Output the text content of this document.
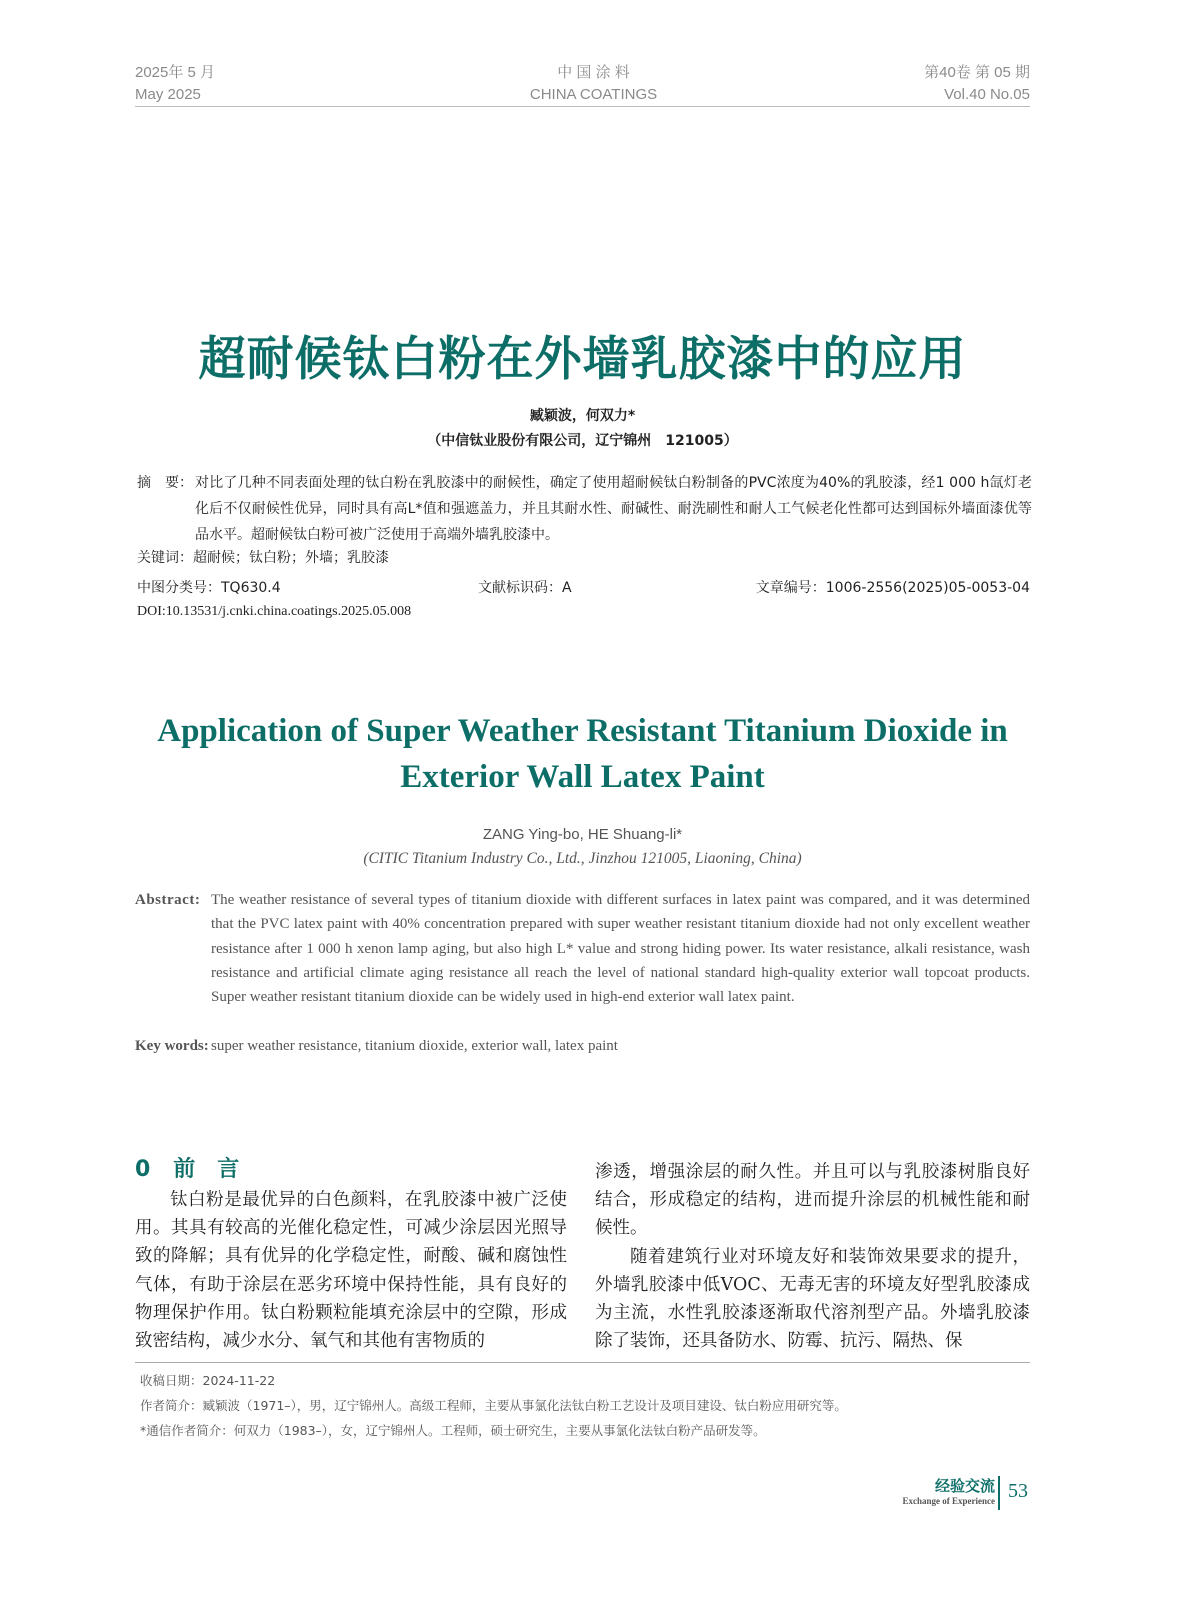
2025年 5 月
May 2025
中 国 涂 料
CHINA COATINGS
第40卷 第 05 期
Vol.40 No.05
超耐候钛白粉在外墙乳胶漆中的应用
臧颖波，何双力*
（中信钛业股份有限公司，辽宁锦州　121005）
摘　要： 对比了几种不同表面处理的钛白粉在乳胶漆中的耐候性，确定了使用超耐候钛白粉制备的PVC浓度为40%的乳胶漆，经1 000 h氙灯老化后不仅耐候性优异，同时具有高L*值和强遮盖力，并且其耐水性、耐碱性、耐洗刷性和耐人工气候老化性都可达到国标外墙面漆优等品水平。超耐候钛白粉可被广泛使用于高端外墙乳胶漆中。
关键词：超耐候；钛白粉；外墙；乳胶漆
中图分类号：TQ630.4	文献标识码：A	文章编号：1006-2556(2025)05-0053-04
DOI:10.13531/j.cnki.china.coatings.2025.05.008
Application of Super Weather Resistant Titanium Dioxide in Exterior Wall Latex Paint
ZANG Ying-bo, HE Shuang-li*
(CITIC Titanium Industry Co., Ltd., Jinzhou 121005, Liaoning, China)
Abstract: The weather resistance of several types of titanium dioxide with different surfaces in latex paint was compared, and it was determined that the PVC latex paint with 40% concentration prepared with super weather resistant titanium dioxide had not only excellent weather resistance after 1 000 h xenon lamp aging, but also high L* value and strong hiding power. Its water resistance, alkali resistance, wash resistance and artificial climate aging resistance all reach the level of national standard high-quality exterior wall topcoat products. Super weather resistant titanium dioxide can be widely used in high-end exterior wall latex paint.
Key words: super weather resistance, titanium dioxide, exterior wall, latex paint
0 前　言

钛白粉是最优异的白色颜料，在乳胶漆中被广泛使用。其具有较高的光催化稳定性，可减少涂层因光照导致的降解；具有优异的化学稳定性，耐酸、碱和腐蚀性气体，有助于涂层在恶劣环境中保持性能，具有良好的物理保护作用。钛白粉颗粒能填充涂层中的空隙，形成致密结构，减少水分、氧气和其他有害物质的

渗透，增强涂层的耐久性。并且可以与乳胶漆树脂良好结合，形成稳定的结构，进而提升涂层的机械性能和耐候性。

随着建筑行业对环境友好和装饰效果要求的提升，外墙乳胶漆中低VOC、无毒无害的环境友好型乳胶漆成为主流，水性乳胶漆逐渐取代溶剂型产品。外墙乳胶漆除了装饰，还具备防水、防霉、抗污、隔热、保

收稿日期：2024-11-22
作者简介：臧颖波（1971–），男，辽宁锦州人。高级工程师，主要从事氯化法钛白粉工艺设计及项目建设、钛白粉应用研究等。
*通信作者简介：何双力（1983–），女，辽宁锦州人。工程师，硕士研究生，主要从事氯化法钛白粉产品研发等。
经验交流
Exchange of Experience 53
